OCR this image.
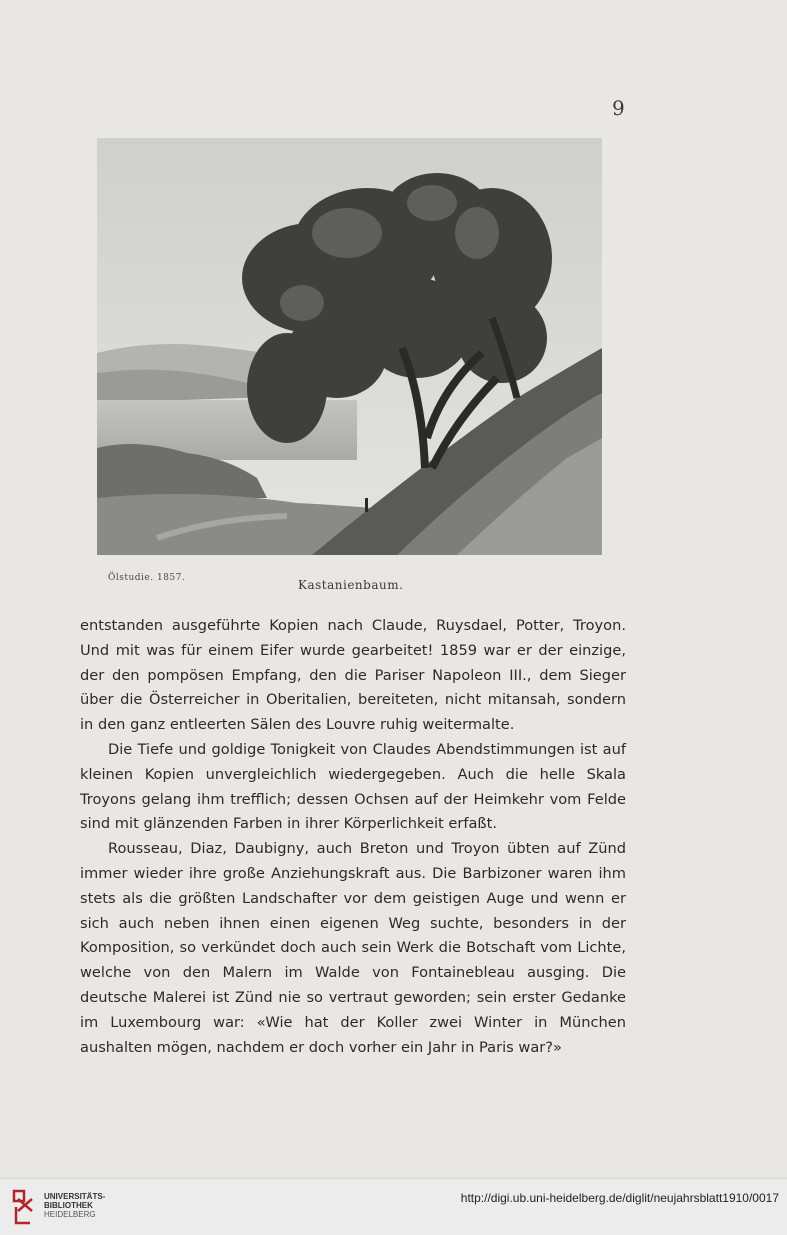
9
Ölstudie. 1857.	Kastanienbaum.

entstanden ausgeführte Kopien nach Claude, Ruysdael, Potter, Troyon. Und mit was für einem Eifer wurde gearbeitet! 1859 war er der einzige, der den pompösen Empfang, den die Pariser Napoleon III., dem Sieger über die Österreicher in Oberitalien, bereiteten, nicht mitansah, sondern in den ganz entleerten Sälen des Louvre ruhig weitermalte.

Die Tiefe und goldige Tonigkeit von Claudes Abendstimmungen ist auf kleinen Kopien unvergleichlich wiedergegeben. Auch die helle Skala Troyons gelang ihm trefflich; dessen Ochsen auf der Heimkehr vom Felde sind mit glänzenden Farben in ihrer Körperlichkeit erfaßt.

Rousseau, Diaz, Daubigny, auch Breton und Troyon übten auf Zünd immer wieder ihre große Anziehungskraft aus. Die Barbizoner waren ihm stets als die größten Landschafter vor dem geistigen Auge und wenn er sich auch neben ihnen einen eigenen Weg suchte, besonders in der Komposition, so verkündet doch auch sein Werk die Botschaft vom Lichte, welche von den Malern im Walde von Fontainebleau ausging. Die deutsche Malerei ist Zünd nie so vertraut geworden; sein erster Gedanke im Luxembourg war: «Wie hat der Koller zwei Winter in München aushalten mögen, nachdem er doch vorher ein Jahr in Paris war?»

UNIVERSITÄTS-
BIBLIOTHEK
HEIDELBERG
http://digi.ub.uni-heidelberg.de/diglit/neujahrsblatt1910/0017
